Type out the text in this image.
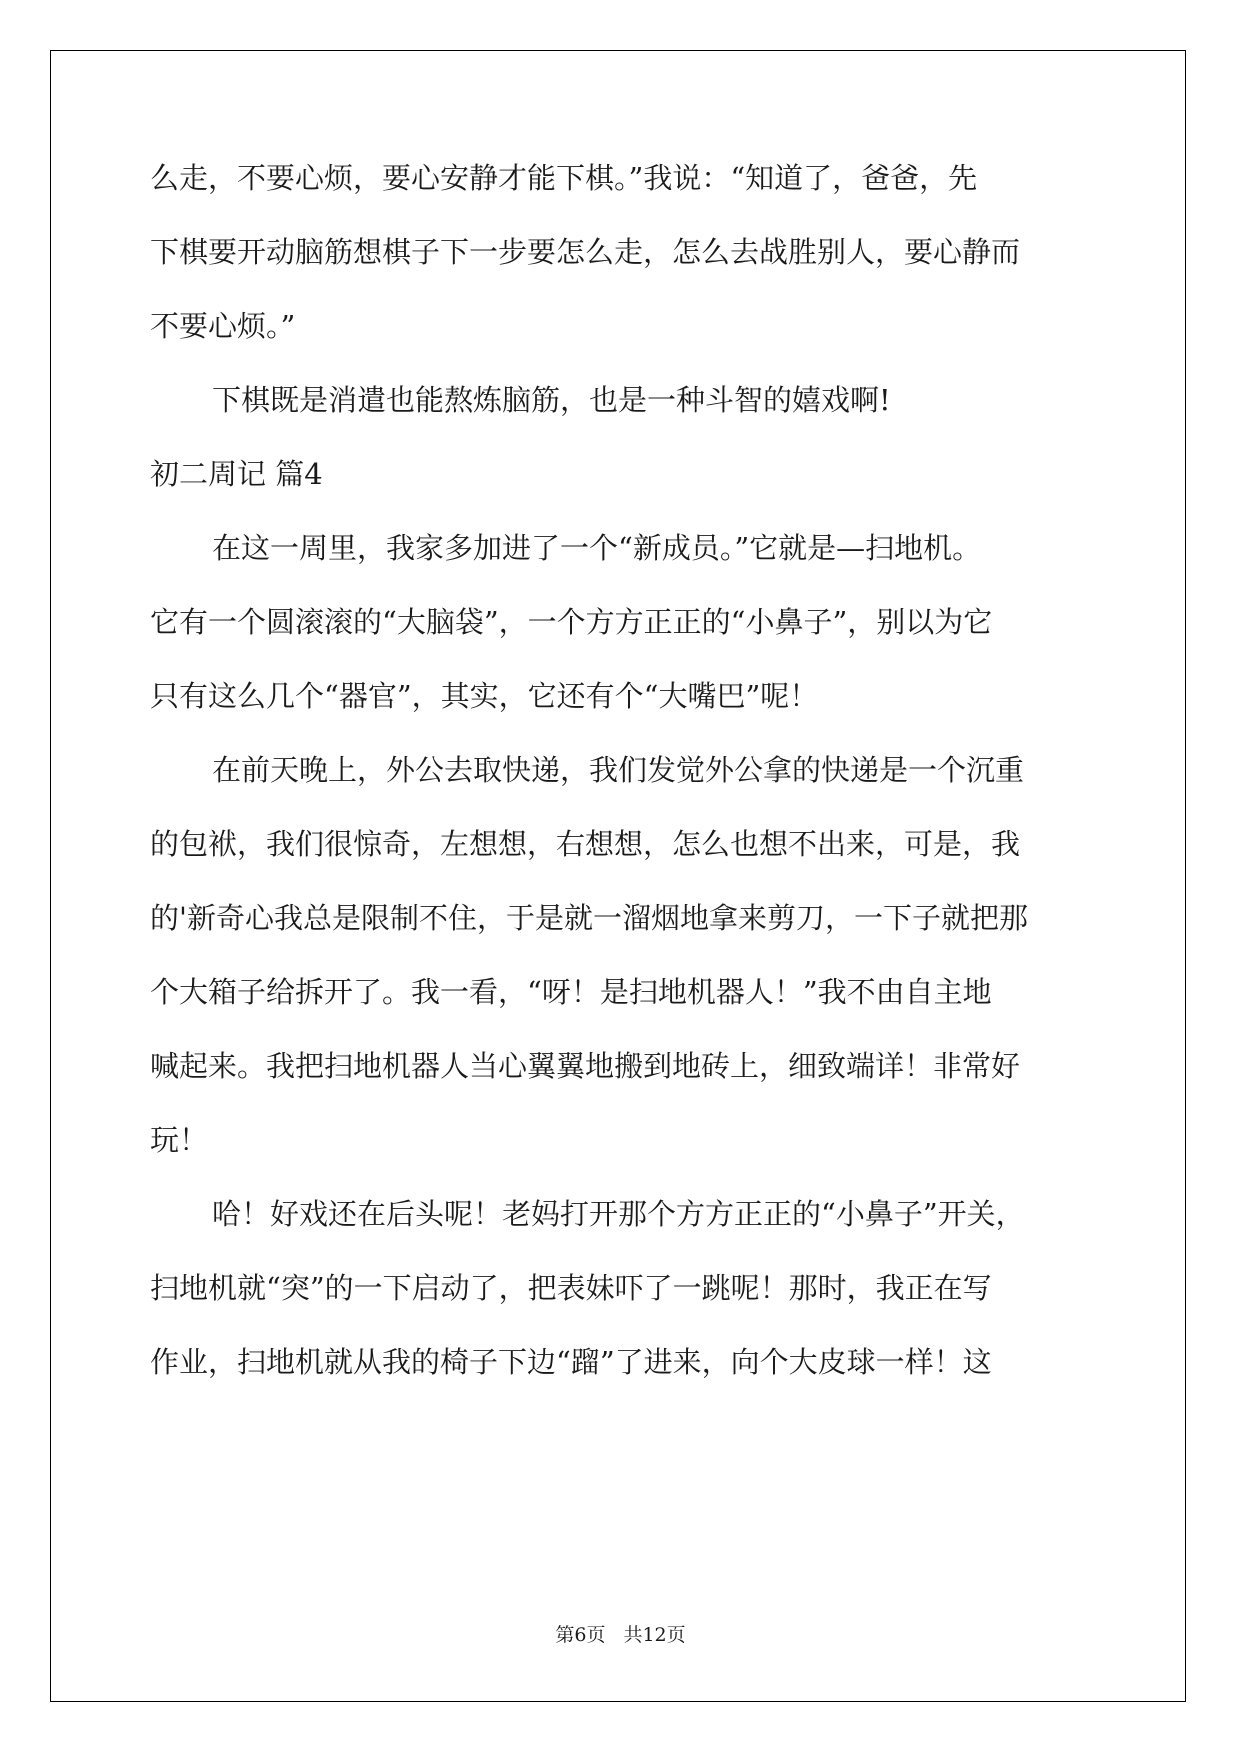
么走，不要心烦，要心安静才能下棋。”我说：“知道了，爸爸，先
下棋要开动脑筋想棋子下一步要怎么走，怎么去战胜别人，要心静而
不要心烦。”
下棋既是消遣也能熬炼脑筋，也是一种斗智的嬉戏啊!
初二周记 篇4
在这一周里，我家多加进了一个“新成员。”它就是—扫地机。
它有一个圆滚滚的“大脑袋”，一个方方正正的“小鼻子”，别以为它
只有这么几个“器官”，其实，它还有个“大嘴巴”呢！
在前天晚上，外公去取快递，我们发觉外公拿的快递是一个沉重
的包袱，我们很惊奇，左想想，右想想，怎么也想不出来，可是，我
的'新奇心我总是限制不住，于是就一溜烟地拿来剪刀，一下子就把那
个大箱子给拆开了。我一看，“呀！是扫地机器人！”我不由自主地
喊起来。我把扫地机器人当心翼翼地搬到地砖上，细致端详！非常好
玩！
哈！好戏还在后头呢！老妈打开那个方方正正的“小鼻子”开关，
扫地机就“突”的一下启动了，把表妹吓了一跳呢！那时，我正在写
作业，扫地机就从我的椅子下边“蹓”了进来，向个大皮球一样！这
第6页 共12页
